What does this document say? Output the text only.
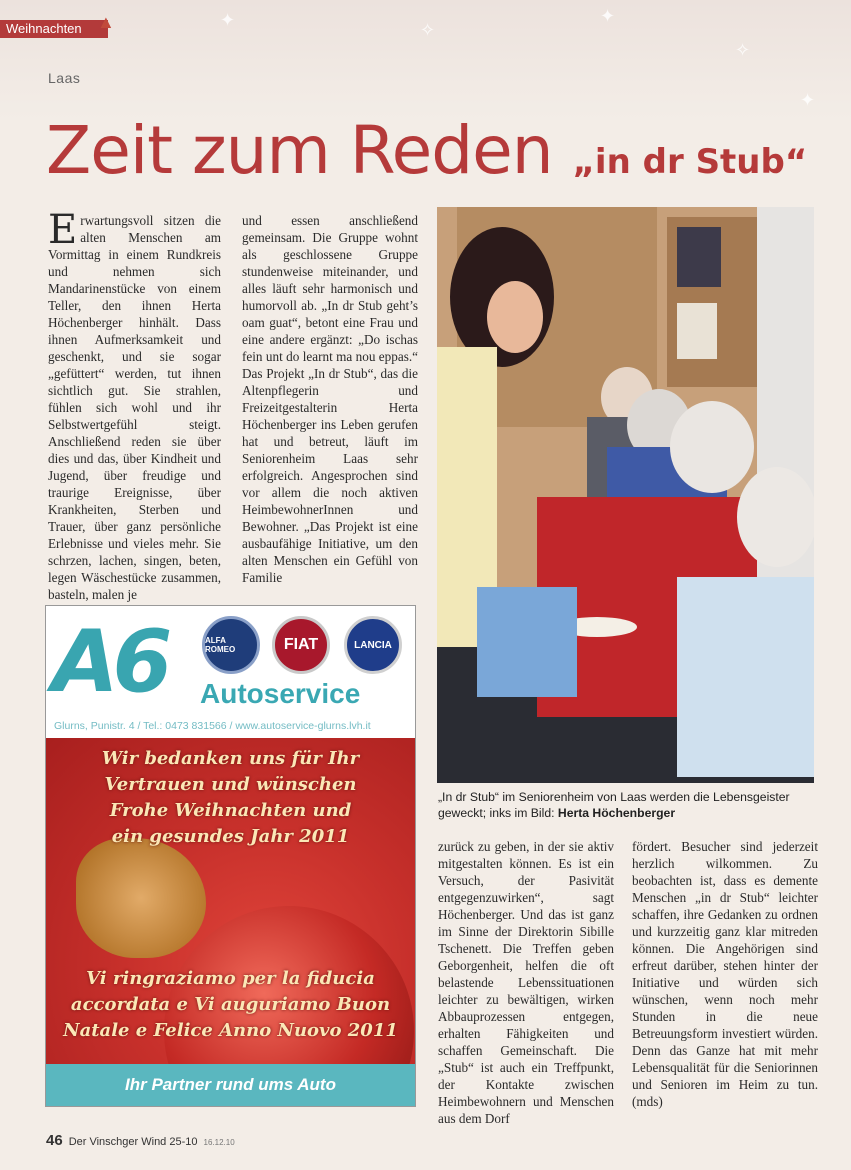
✦	✧
✦
✧
✦
Weihnachten ▲
Laas
Zeit zum Reden „in dr Stub“
Erwartungsvoll sitzen die alten Menschen am Vormittag in einem Rundkreis und nehmen sich Mandarinenstücke von einem Teller, den ihnen Herta Höchenberger hinhält. Dass ihnen Aufmerksamkeit und geschenkt, und sie sogar „gefüttert“ werden, tut ihnen sichtlich gut. Sie strahlen, fühlen sich wohl und ihr Selbstwertgefühl steigt. Anschließend reden sie über dies und das, über Kindheit und Jugend, über freudige und traurige Ereignisse, über Krankheiten, Sterben und Trauer, über ganz persönliche Erlebnisse und vieles mehr. Sie schrzen, lachen, singen, beten, legen Wäschestücke zusammen, basteln, malen je
und essen anschließend gemeinsam. Die Gruppe wohnt als geschlossene Gruppe stundenweise miteinander, und alles läuft sehr harmonisch und humorvoll ab. „In dr Stub geht’s oam guat“, betont eine Frau und eine andere ergänzt: „Do ischas fein unt do learnt ma nou eppas.“ Das Projekt „In dr Stub“, das die Altenpflegerin und Freizeitgestalterin Herta Höchenberger ins Leben gerufen hat und betreut, läuft im Seniorenheim Laas sehr erfolgreich. Angesprochen sind vor allem die noch aktiven HeimbewohnerInnen und Bewohner. „Das Projekt ist eine ausbaufähige Initiative, um den alten Menschen ein Gefühl von Familie
„In dr Stub“ im Seniorenheim von Laas werden die Lebensgeister geweckt; inks im Bild: Herta Höchenberger
A6	ALFA ROMEO	FIAT	LANCIA
Autoservice
Glurns, Punistr. 4 / Tel.: 0473 831566 / www.autoservice-glurns.lvh.it
Wir bedanken uns für Ihr
Vertrauen und wünschen
Frohe Weihnachten und
ein gesundes Jahr 2011
Vi ringraziamo per la fiducia
accordata e Vi auguriamo Buon
Natale e Felice Anno Nuovo 2011
Ihr Partner rund ums Auto
zurück zu geben, in der sie aktiv mitgestalten können. Es ist ein Versuch, der Pasivität entgegenzuwirken“, sagt Höchenberger. Und das ist ganz im Sinne der Direktorin Sibille Tschenett. Die Treffen geben Geborgenheit, helfen die oft belastende Lebenssituationen leichter zu bewältigen, wirken Abbauprozessen entgegen, erhalten Fähigkeiten und schaffen Gemeinschaft. Die „Stub“ ist auch ein Treffpunkt, der Kontakte zwischen Heimbewohnern und Menschen aus dem Dorf
fördert. Besucher sind jederzeit herzlich wilkommen. Zu beobachten ist, dass es demente Menschen „in dr Stub“ leichter schaffen, ihre Gedanken zu ordnen und kurzzeitig ganz klar mitreden können. Die Angehörigen sind erfreut darüber, stehen hinter der Initiative und würden sich wünschen, wenn noch mehr Stunden in die neue Betreuungsform investiert würden. Denn das Ganze hat mit mehr Lebensqualität für die Seniorinnen und Senioren im Heim zu tun. (mds)
46 Der Vinschger Wind 25-10 16.12.10
